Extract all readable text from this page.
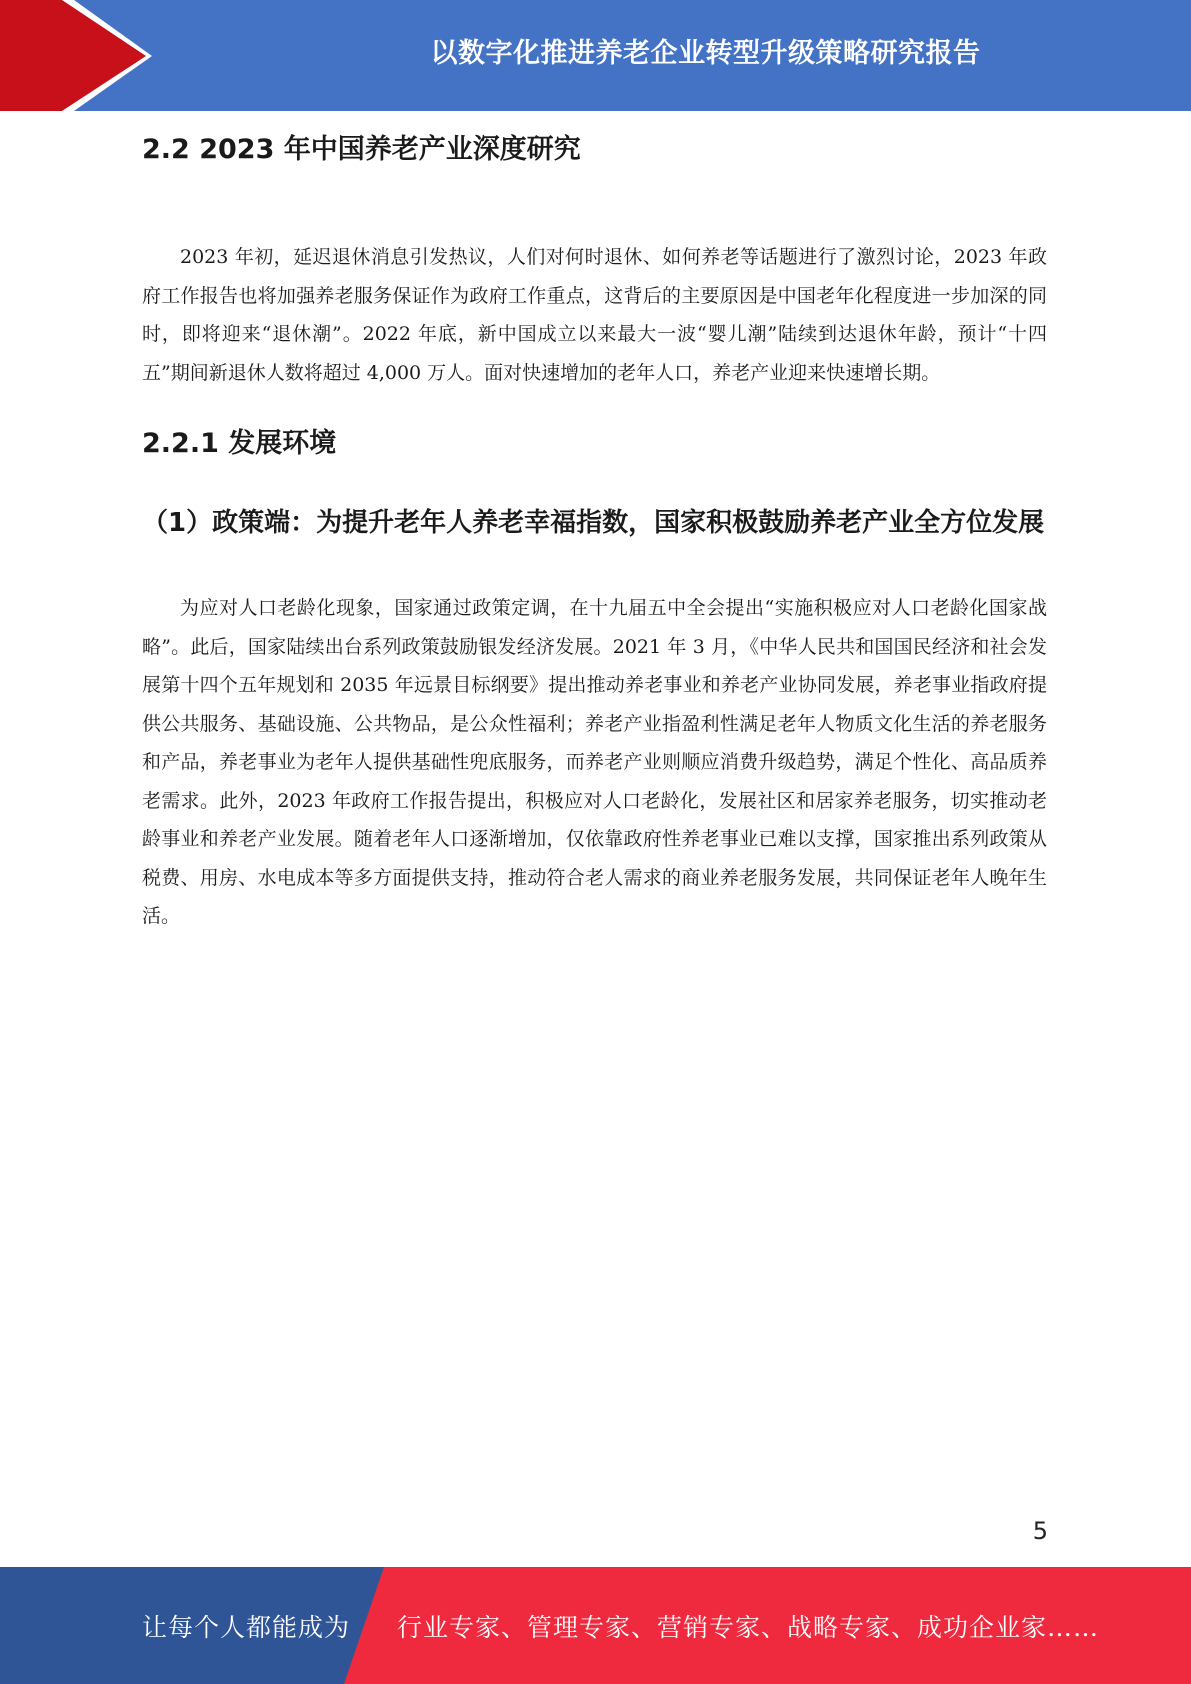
以数字化推进养老企业转型升级策略研究报告
2.2 2023 年中国养老产业深度研究

2023 年初，延迟退休消息引发热议，人们对何时退休、如何养老等话题进行了激烈讨论，2023 年政府工作报告也将加强养老服务保证作为政府工作重点，这背后的主要原因是中国老年化程度进一步加深的同时，即将迎来“退休潮”。2022 年底，新中国成立以来最大一波“婴儿潮”陆续到达退休年龄，预计“十四五”期间新退休人数将超过 4,000 万人。面对快速增加的老年人口，养老产业迎来快速增长期。

2.2.1 发展环境
（1）政策端：为提升老年人养老幸福指数，国家积极鼓励养老产业全方位发展

为应对人口老龄化现象，国家通过政策定调，在十九届五中全会提出“实施积极应对人口老龄化国家战略”。此后，国家陆续出台系列政策鼓励银发经济发展。2021 年 3 月，《中华人民共和国国民经济和社会发展第十四个五年规划和 2035 年远景目标纲要》提出推动养老事业和养老产业协同发展，养老事业指政府提供公共服务、基础设施、公共物品，是公众性福利；养老产业指盈利性满足老年人物质文化生活的养老服务和产品，养老事业为老年人提供基础性兜底服务，而养老产业则顺应消费升级趋势，满足个性化、高品质养老需求。此外，2023 年政府工作报告提出，积极应对人口老龄化，发展社区和居家养老服务，切实推动老龄事业和养老产业发展。随着老年人口逐渐增加，仅依靠政府性养老事业已难以支撑，国家推出系列政策从税费、用房、水电成本等多方面提供支持，推动符合老人需求的商业养老服务发展，共同保证老年人晚年生活。

5
让每个人都能成为 行业专家、管理专家、营销专家、战略专家、成功企业家……
